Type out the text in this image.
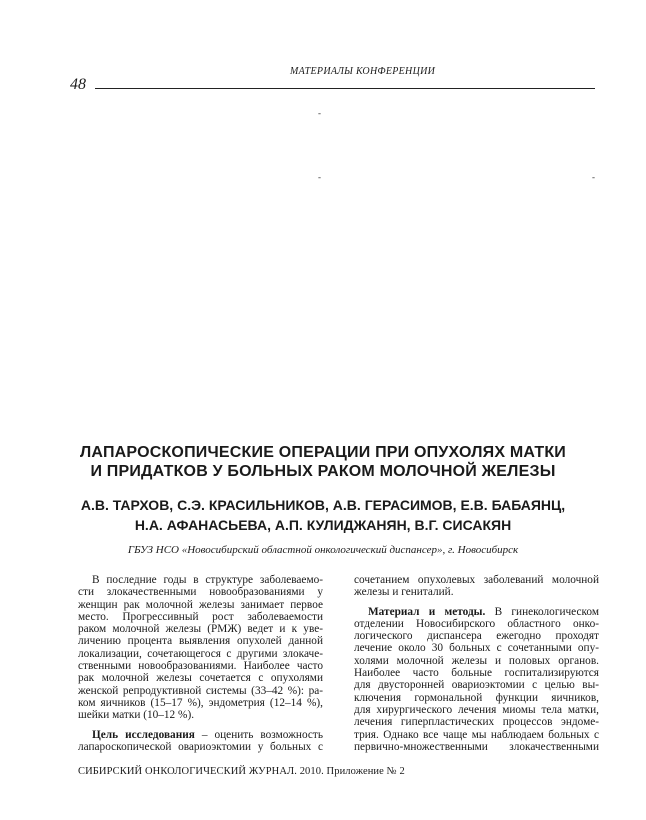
МАТЕРИАЛЫ КОНФЕРЕНЦИИ
48
-
-	-
ЛАПАРОСКОПИЧЕСКИЕ ОПЕРАЦИИ ПРИ ОПУХОЛЯХ МАТКИ
И ПРИДАТКОВ У БОЛЬНЫХ РАКОМ МОЛОЧНОЙ ЖЕЛЕЗЫ
А.В. ТАРХОВ, С.Э. КРАСИЛЬНИКОВ, А.В. ГЕРАСИМОВ, Е.В. БАБАЯНЦ,
Н.А. АФАНАСЬЕВА, А.П. КУЛИДЖАНЯН, В.Г. СИСАКЯН
ГБУЗ НСО «Новосибирский областной онкологический диспансер», г. Новосибирск

В последние годы в структуре заболеваемо-

сти злокачественными новообразованиями у

женщин рак молочной железы занимает первое

место. Прогрессивный рост заболеваемости

раком молочной железы (РМЖ) ведет и к уве-

личению процента выявления опухолей данной

локализации, сочетающегося с другими злокаче-

ственными новообразованиями. Наиболее часто

рак молочной железы сочетается с опухолями

женской репродуктивной системы (33–42 %): ра-

ком яичников (15–17 %), эндометрия (12–14 %),

шейки матки (10–12 %).

Цель исследования – оценить возможность

лапароскопической овариоэктомии у больных с

сочетанием опухолевых заболеваний молочной

железы и гениталий.

Материал и методы. В гинекологическом

отделении Новосибирского областного онко-

логического диспансера ежегодно проходят

лечение около 30 больных с сочетанными опу-

холями молочной железы и половых органов.

Наиболее часто больные госпитализируются

для двусторонней овариоэктомии с целью вы-

ключения гормональной функции яичников,

для хирургического лечения миомы тела матки,

лечения гиперпластических процессов эндоме-

трия. Однако все чаще мы наблюдаем больных с

первично-множественными злокачественными

СИБИРСКИЙ ОНКОЛОГИЧЕСКИЙ ЖУРНАЛ. 2010. Приложение № 2
